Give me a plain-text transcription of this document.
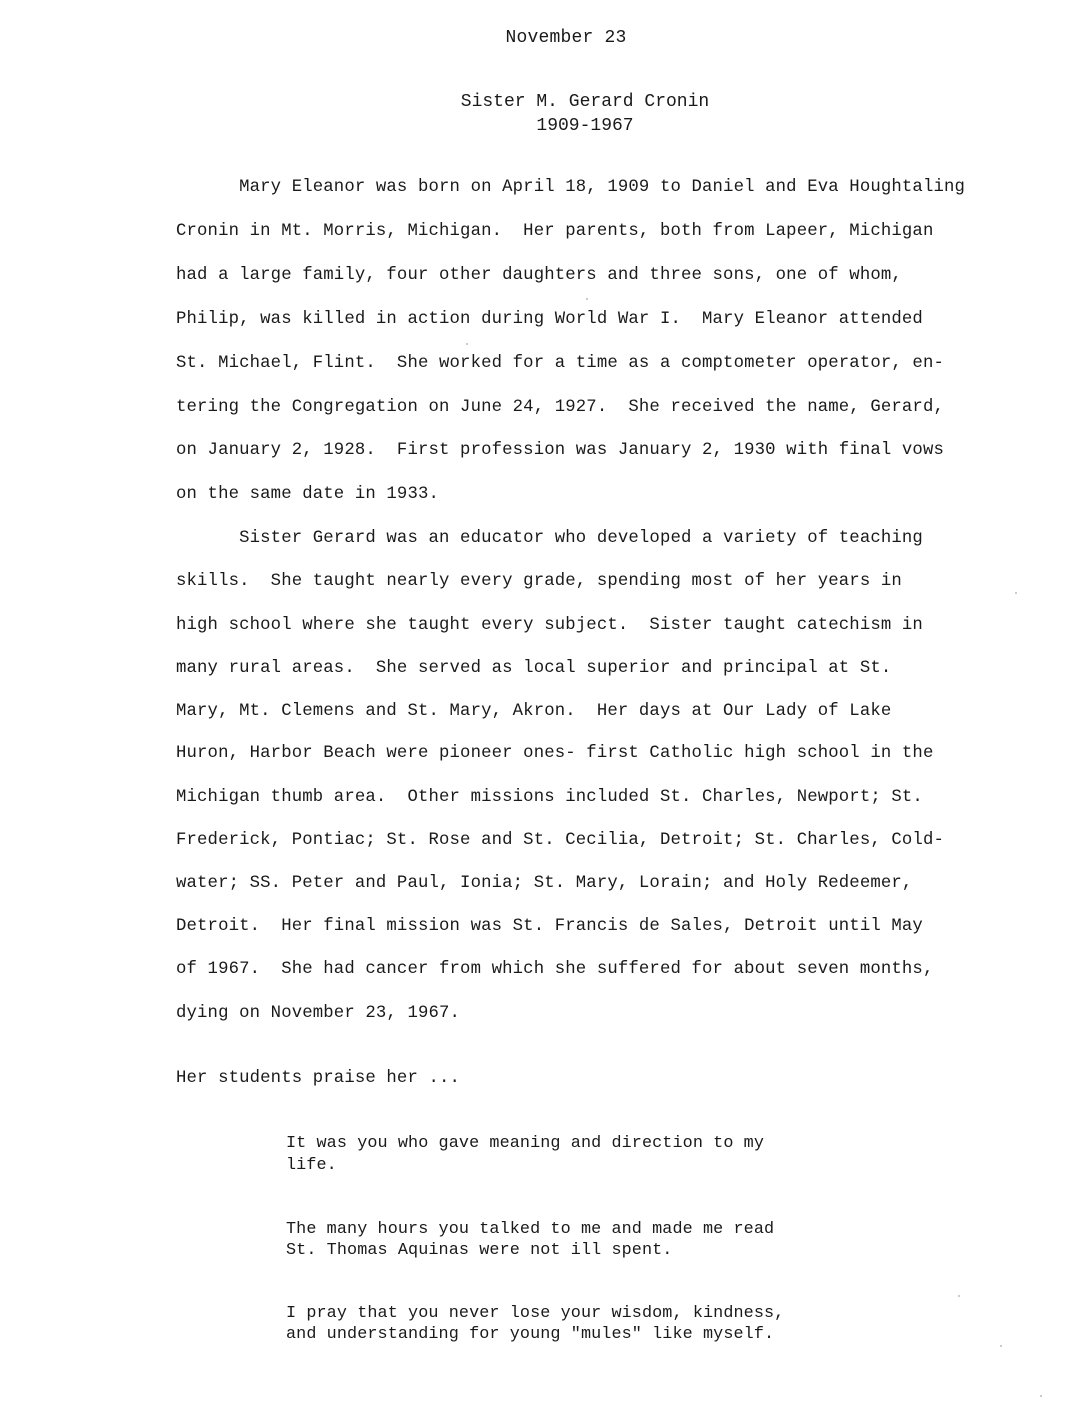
November 23
Sister M. Gerard Cronin
1909-1967
Mary Eleanor was born on April 18, 1909 to Daniel and Eva Houghtaling
Cronin in Mt. Morris, Michigan.  Her parents, both from Lapeer, Michigan
had a large family, four other daughters and three sons, one of whom,
Philip, was killed in action during World War I.  Mary Eleanor attended
St. Michael, Flint.  She worked for a time as a comptometer operator, en-
tering the Congregation on June 24, 1927.  She received the name, Gerard,
on January 2, 1928.  First profession was January 2, 1930 with final vows
on the same date in 1933.
Sister Gerard was an educator who developed a variety of teaching
skills.  She taught nearly every grade, spending most of her years in
high school where she taught every subject.  Sister taught catechism in
many rural areas.  She served as local superior and principal at St.
Mary, Mt. Clemens and St. Mary, Akron.  Her days at Our Lady of Lake
Huron, Harbor Beach were pioneer ones- first Catholic high school in the
Michigan thumb area.  Other missions included St. Charles, Newport; St.
Frederick, Pontiac; St. Rose and St. Cecilia, Detroit; St. Charles, Cold-
water; SS. Peter and Paul, Ionia; St. Mary, Lorain; and Holy Redeemer,
Detroit.  Her final mission was St. Francis de Sales, Detroit until May
of 1967.  She had cancer from which she suffered for about seven months,
dying on November 23, 1967.
Her students praise her ...
It was you who gave meaning and direction to my
life.
The many hours you talked to me and made me read
St. Thomas Aquinas were not ill spent.
I pray that you never lose your wisdom, kindness,
and understanding for young "mules" like myself.
